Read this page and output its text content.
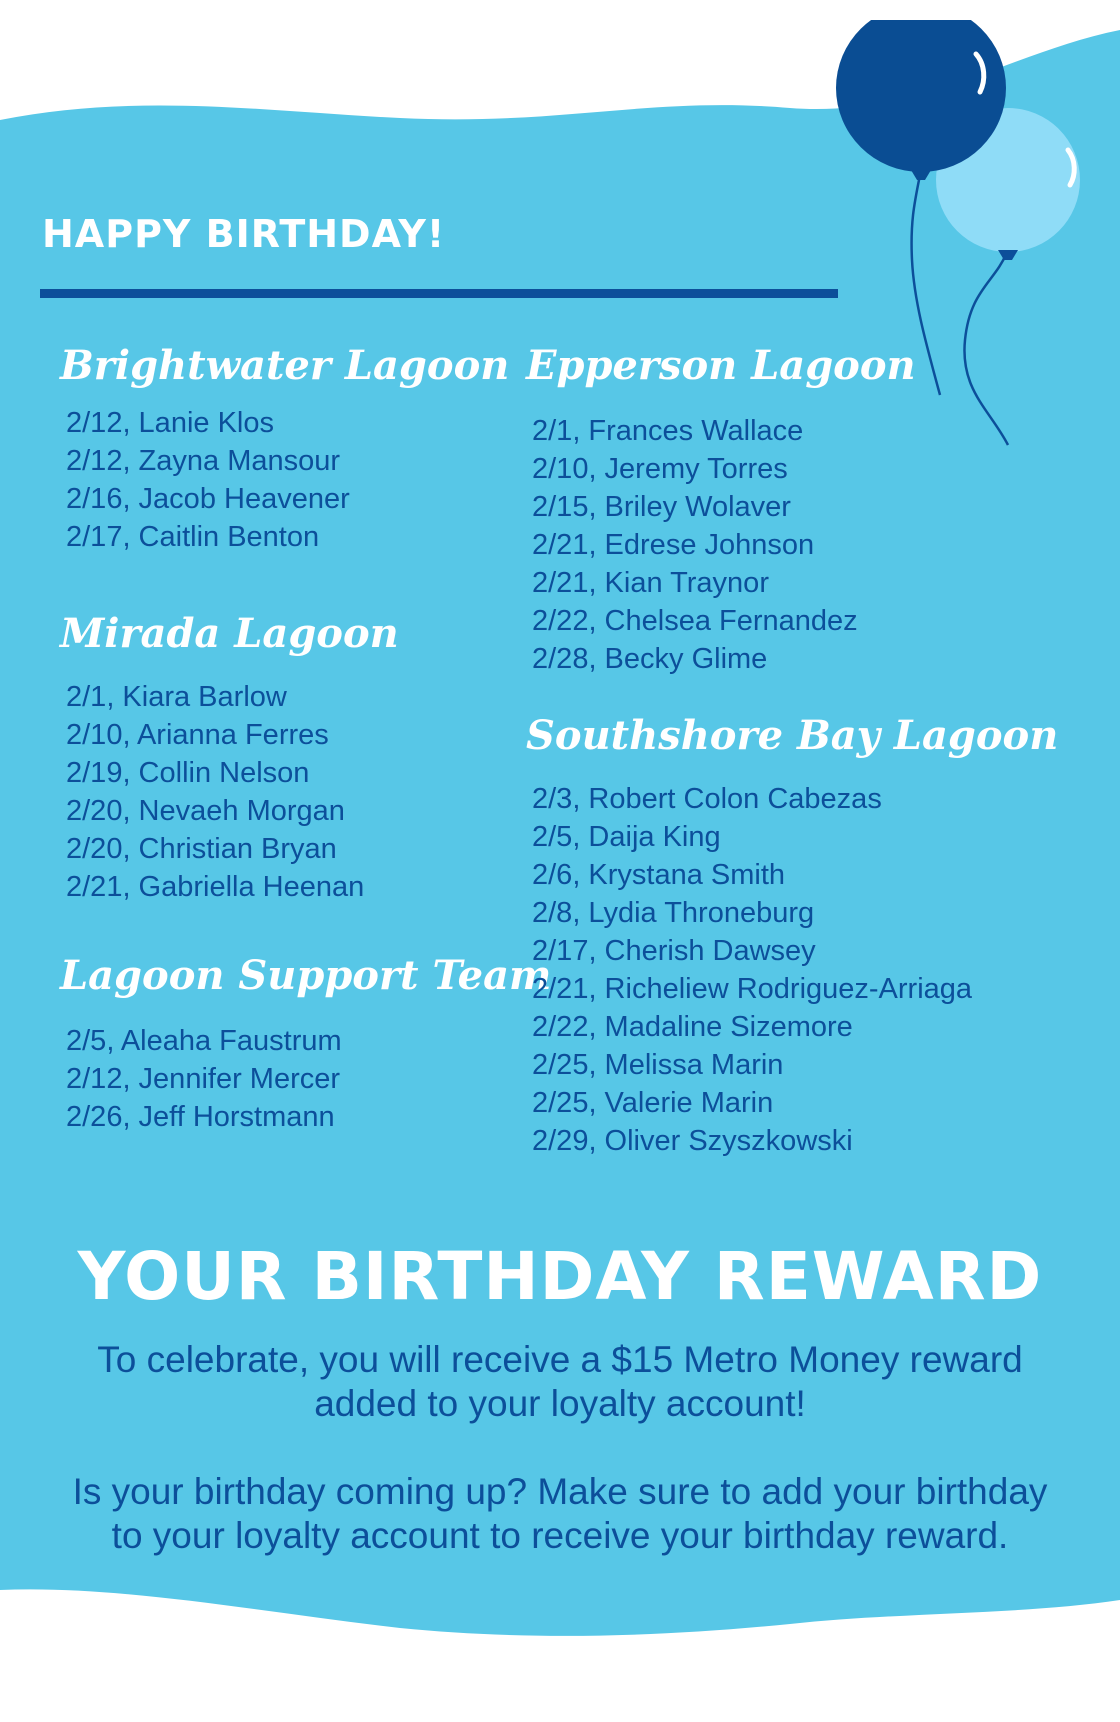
HAPPY BIRTHDAY!
Brightwater Lagoon
2/12, Lanie Klos
2/12, Zayna Mansour
2/16, Jacob Heavener
2/17, Caitlin Benton
Mirada Lagoon
2/1, Kiara Barlow
2/10, Arianna Ferres
2/19, Collin Nelson
2/20, Nevaeh Morgan
2/20, Christian Bryan
2/21, Gabriella Heenan
Lagoon Support Team
2/5, Aleaha Faustrum
2/12, Jennifer Mercer
2/26, Jeff Horstmann
Epperson Lagoon
2/1, Frances Wallace
2/10, Jeremy Torres
2/15, Briley Wolaver
2/21, Edrese Johnson
2/21, Kian Traynor
2/22, Chelsea Fernandez
2/28, Becky Glime
Southshore Bay Lagoon
2/3, Robert Colon Cabezas
2/5, Daija King
2/6, Krystana Smith
2/8, Lydia Throneburg
2/17, Cherish Dawsey
2/21, Richeliew Rodriguez-Arriaga
2/22, Madaline Sizemore
2/25, Melissa Marin
2/25, Valerie Marin
2/29, Oliver Szyszkowski
YOUR BIRTHDAY REWARD

To celebrate, you will receive a $15 Metro Money reward
added to your loyalty account!

Is your birthday coming up? Make sure to add your birthday
to your loyalty account to receive your birthday reward.
